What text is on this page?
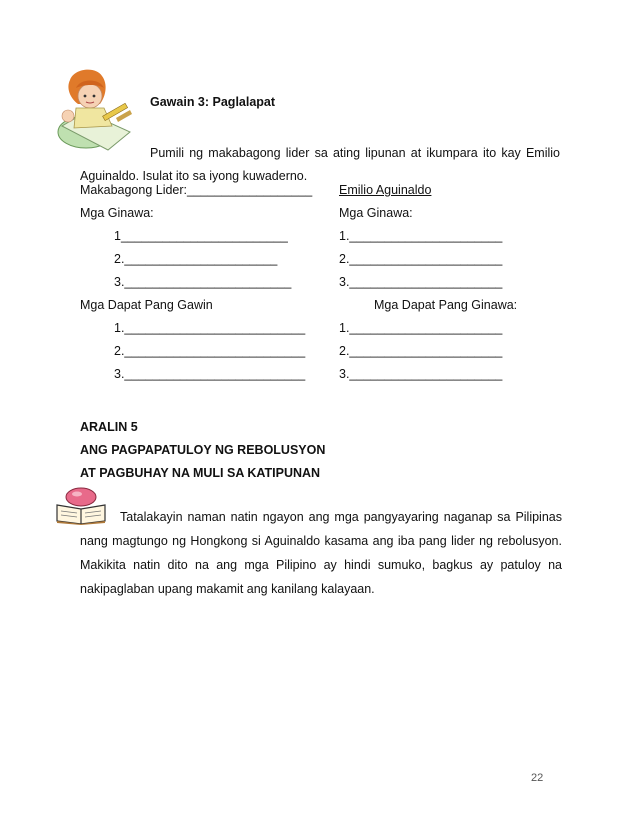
Gawain 3: Paglalapat
Pumili ng makabagong lider sa ating lipunan at ikumpara ito kay Emilio Aguinaldo. Isulat ito sa iyong kuwaderno.
Makabagong Lider:__________________ Emilio Aguinaldo
Mga Ginawa:	Mga Ginawa:
1________________________	1.______________________
2.______________________	2.______________________
3.________________________	3.______________________
Mga Dapat Pang Gawin	Mga Dapat Pang Ginawa:
1.__________________________	1.______________________
2.__________________________	2.______________________
3.__________________________	3.______________________
ARALIN 5
ANG PAGPAPATULOY NG REBOLUSYON
AT PAGBUHAY NA MULI SA KATIPUNAN
Tatalakayin naman natin ngayon ang mga pangyayaring naganap sa Pilipinas nang magtungo ng Hongkong si Aguinaldo kasama ang iba pang lider ng rebolusyon. Makikita natin dito na ang mga Pilipino ay hindi sumuko, bagkus ay patuloy na nakipaglaban upang makamit ang kanilang kalayaan.
22
